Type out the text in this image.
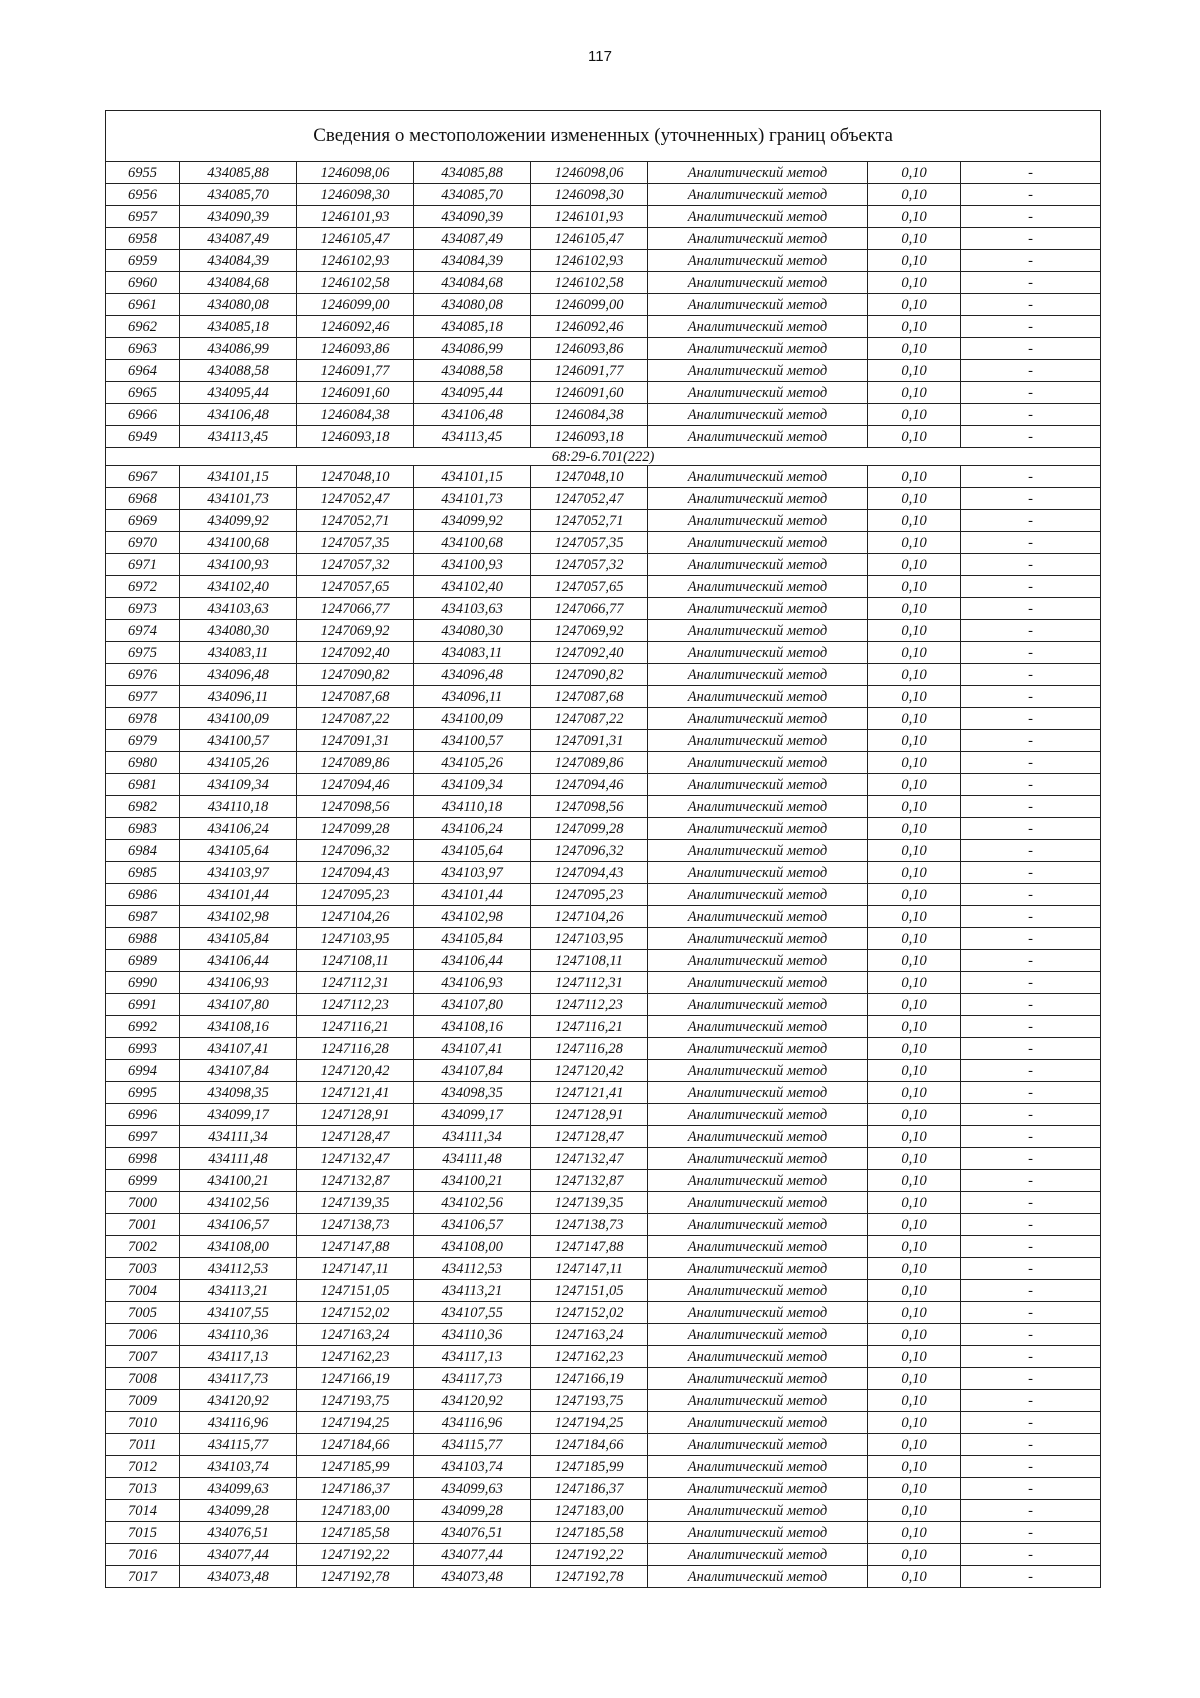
117
Сведения о местоположении измененных (уточненных) границ объекта							
6955	434085,88	1246098,06	434085,88	1246098,06	Аналитический метод	0,10	-
6956	434085,70	1246098,30	434085,70	1246098,30	Аналитический метод	0,10	-
6957	434090,39	1246101,93	434090,39	1246101,93	Аналитический метод	0,10	-
6958	434087,49	1246105,47	434087,49	1246105,47	Аналитический метод	0,10	-
6959	434084,39	1246102,93	434084,39	1246102,93	Аналитический метод	0,10	-
6960	434084,68	1246102,58	434084,68	1246102,58	Аналитический метод	0,10	-
6961	434080,08	1246099,00	434080,08	1246099,00	Аналитический метод	0,10	-
6962	434085,18	1246092,46	434085,18	1246092,46	Аналитический метод	0,10	-
6963	434086,99	1246093,86	434086,99	1246093,86	Аналитический метод	0,10	-
6964	434088,58	1246091,77	434088,58	1246091,77	Аналитический метод	0,10	-
6965	434095,44	1246091,60	434095,44	1246091,60	Аналитический метод	0,10	-
6966	434106,48	1246084,38	434106,48	1246084,38	Аналитический метод	0,10	-
6949	434113,45	1246093,18	434113,45	1246093,18	Аналитический метод	0,10	-
68:29-6.701(222)							
6967	434101,15	1247048,10	434101,15	1247048,10	Аналитический метод	0,10	-
6968	434101,73	1247052,47	434101,73	1247052,47	Аналитический метод	0,10	-
6969	434099,92	1247052,71	434099,92	1247052,71	Аналитический метод	0,10	-
6970	434100,68	1247057,35	434100,68	1247057,35	Аналитический метод	0,10	-
6971	434100,93	1247057,32	434100,93	1247057,32	Аналитический метод	0,10	-
6972	434102,40	1247057,65	434102,40	1247057,65	Аналитический метод	0,10	-
6973	434103,63	1247066,77	434103,63	1247066,77	Аналитический метод	0,10	-
6974	434080,30	1247069,92	434080,30	1247069,92	Аналитический метод	0,10	-
6975	434083,11	1247092,40	434083,11	1247092,40	Аналитический метод	0,10	-
6976	434096,48	1247090,82	434096,48	1247090,82	Аналитический метод	0,10	-
6977	434096,11	1247087,68	434096,11	1247087,68	Аналитический метод	0,10	-
6978	434100,09	1247087,22	434100,09	1247087,22	Аналитический метод	0,10	-
6979	434100,57	1247091,31	434100,57	1247091,31	Аналитический метод	0,10	-
6980	434105,26	1247089,86	434105,26	1247089,86	Аналитический метод	0,10	-
6981	434109,34	1247094,46	434109,34	1247094,46	Аналитический метод	0,10	-
6982	434110,18	1247098,56	434110,18	1247098,56	Аналитический метод	0,10	-
6983	434106,24	1247099,28	434106,24	1247099,28	Аналитический метод	0,10	-
6984	434105,64	1247096,32	434105,64	1247096,32	Аналитический метод	0,10	-
6985	434103,97	1247094,43	434103,97	1247094,43	Аналитический метод	0,10	-
6986	434101,44	1247095,23	434101,44	1247095,23	Аналитический метод	0,10	-
6987	434102,98	1247104,26	434102,98	1247104,26	Аналитический метод	0,10	-
6988	434105,84	1247103,95	434105,84	1247103,95	Аналитический метод	0,10	-
6989	434106,44	1247108,11	434106,44	1247108,11	Аналитический метод	0,10	-
6990	434106,93	1247112,31	434106,93	1247112,31	Аналитический метод	0,10	-
6991	434107,80	1247112,23	434107,80	1247112,23	Аналитический метод	0,10	-
6992	434108,16	1247116,21	434108,16	1247116,21	Аналитический метод	0,10	-
6993	434107,41	1247116,28	434107,41	1247116,28	Аналитический метод	0,10	-
6994	434107,84	1247120,42	434107,84	1247120,42	Аналитический метод	0,10	-
6995	434098,35	1247121,41	434098,35	1247121,41	Аналитический метод	0,10	-
6996	434099,17	1247128,91	434099,17	1247128,91	Аналитический метод	0,10	-
6997	434111,34	1247128,47	434111,34	1247128,47	Аналитический метод	0,10	-
6998	434111,48	1247132,47	434111,48	1247132,47	Аналитический метод	0,10	-
6999	434100,21	1247132,87	434100,21	1247132,87	Аналитический метод	0,10	-
7000	434102,56	1247139,35	434102,56	1247139,35	Аналитический метод	0,10	-
7001	434106,57	1247138,73	434106,57	1247138,73	Аналитический метод	0,10	-
7002	434108,00	1247147,88	434108,00	1247147,88	Аналитический метод	0,10	-
7003	434112,53	1247147,11	434112,53	1247147,11	Аналитический метод	0,10	-
7004	434113,21	1247151,05	434113,21	1247151,05	Аналитический метод	0,10	-
7005	434107,55	1247152,02	434107,55	1247152,02	Аналитический метод	0,10	-
7006	434110,36	1247163,24	434110,36	1247163,24	Аналитический метод	0,10	-
7007	434117,13	1247162,23	434117,13	1247162,23	Аналитический метод	0,10	-
7008	434117,73	1247166,19	434117,73	1247166,19	Аналитический метод	0,10	-
7009	434120,92	1247193,75	434120,92	1247193,75	Аналитический метод	0,10	-
7010	434116,96	1247194,25	434116,96	1247194,25	Аналитический метод	0,10	-
7011	434115,77	1247184,66	434115,77	1247184,66	Аналитический метод	0,10	-
7012	434103,74	1247185,99	434103,74	1247185,99	Аналитический метод	0,10	-
7013	434099,63	1247186,37	434099,63	1247186,37	Аналитический метод	0,10	-
7014	434099,28	1247183,00	434099,28	1247183,00	Аналитический метод	0,10	-
7015	434076,51	1247185,58	434076,51	1247185,58	Аналитический метод	0,10	-
7016	434077,44	1247192,22	434077,44	1247192,22	Аналитический метод	0,10	-
7017	434073,48	1247192,78	434073,48	1247192,78	Аналитический метод	0,10	-
